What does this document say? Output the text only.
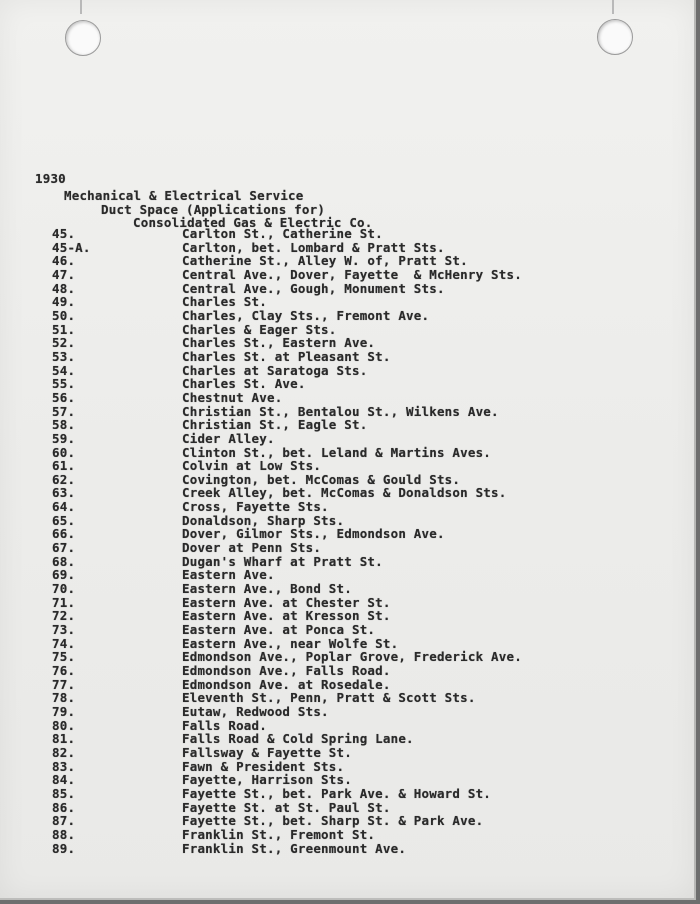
1930
Mechanical & Electrical Service
Duct Space (Applications for)
Consolidated Gas & Electric Co.
45.	Carlton St., Catherine St.
45-A.	Carlton, bet. Lombard & Pratt Sts.
46.	Catherine St., Alley W. of, Pratt St.
47.	Central Ave., Dover, Fayette  & McHenry Sts.
48.	Central Ave., Gough, Monument Sts.
49.	Charles St.
50.	Charles, Clay Sts., Fremont Ave.
51.	Charles & Eager Sts.
52.	Charles St., Eastern Ave.
53.	Charles St. at Pleasant St.
54.	Charles at Saratoga Sts.
55.	Charles St. Ave.
56.	Chestnut Ave.
57.	Christian St., Bentalou St., Wilkens Ave.
58.	Christian St., Eagle St.
59.	Cider Alley.
60.	Clinton St., bet. Leland & Martins Aves.
61.	Colvin at Low Sts.
62.	Covington, bet. McComas & Gould Sts.
63.	Creek Alley, bet. McComas & Donaldson Sts.
64.	Cross, Fayette Sts.
65.	Donaldson, Sharp Sts.
66.	Dover, Gilmor Sts., Edmondson Ave.
67.	Dover at Penn Sts.
68.	Dugan's Wharf at Pratt St.
69.	Eastern Ave.
70.	Eastern Ave., Bond St.
71.	Eastern Ave. at Chester St.
72.	Eastern Ave. at Kresson St.
73.	Eastern Ave. at Ponca St.
74.	Eastern Ave., near Wolfe St.
75.	Edmondson Ave., Poplar Grove, Frederick Ave.
76.	Edmondson Ave., Falls Road.
77.	Edmondson Ave. at Rosedale.
78.	Eleventh St., Penn, Pratt & Scott Sts.
79.	Eutaw, Redwood Sts.
80.	Falls Road.
81.	Falls Road & Cold Spring Lane.
82.	Fallsway & Fayette St.
83.	Fawn & President Sts.
84.	Fayette, Harrison Sts.
85.	Fayette St., bet. Park Ave. & Howard St.
86.	Fayette St. at St. Paul St.
87.	Fayette St., bet. Sharp St. & Park Ave.
88.	Franklin St., Fremont St.
89.	Franklin St., Greenmount Ave.
